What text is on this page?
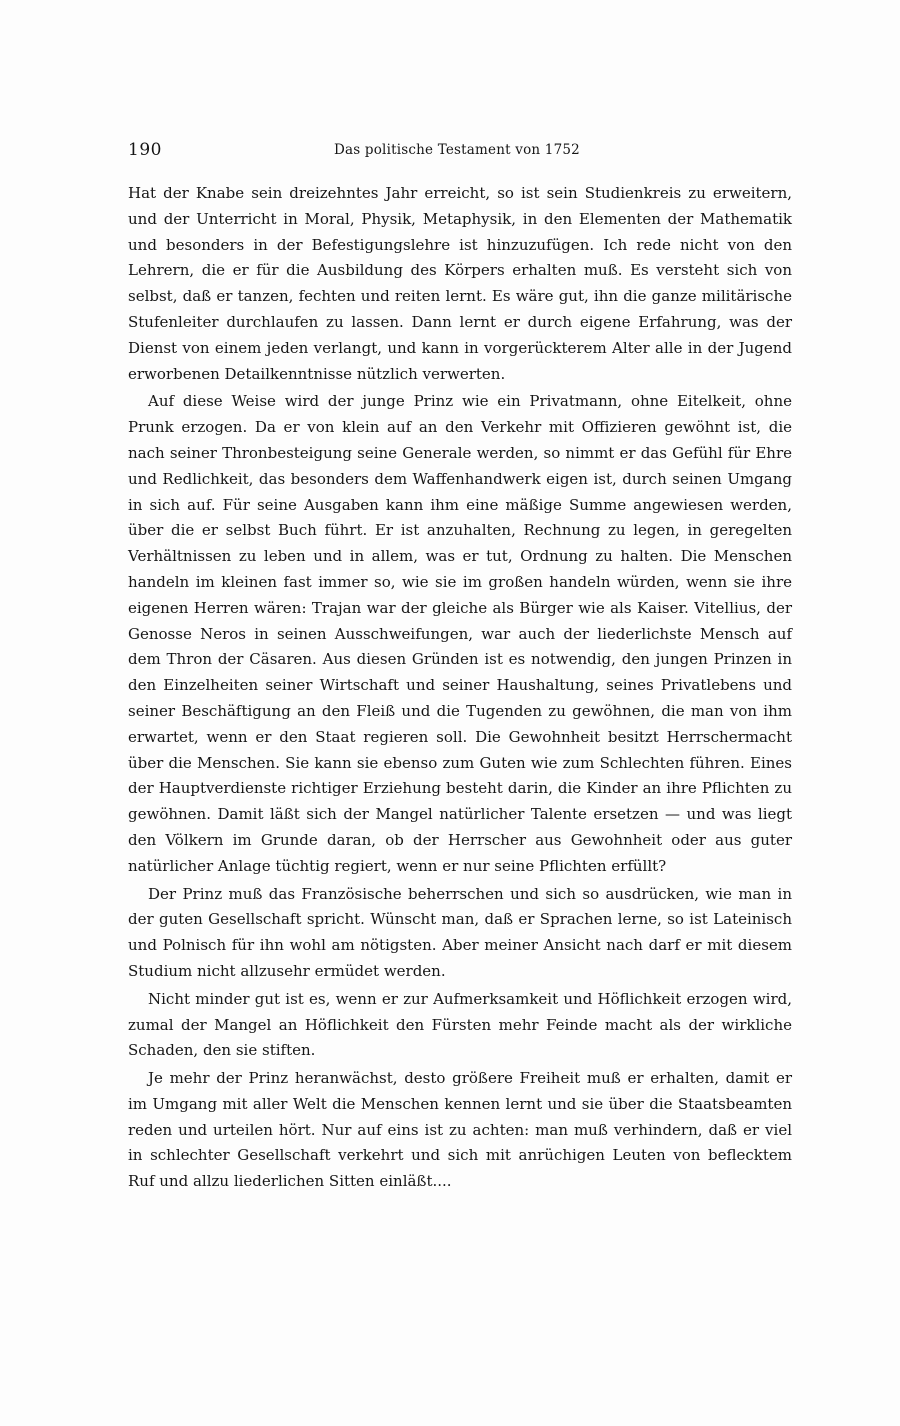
190	Das politische Testament von 1752

Hat der Knabe sein dreizehntes Jahr erreicht, so ist sein Studienkreis zu erweitern, und der Unterricht in Moral, Physik, Metaphysik, in den Elementen der Mathematik und besonders in der Befestigungslehre ist hinzuzufügen. Ich rede nicht von den Lehrern, die er für die Ausbildung des Körpers erhalten muß. Es versteht sich von selbst, daß er tanzen, fechten und reiten lernt. Es wäre gut, ihn die ganze militärische Stufenleiter durchlaufen zu lassen. Dann lernt er durch eigene Erfahrung, was der Dienst von einem jeden verlangt, und kann in vorgerückterem Alter alle in der Jugend erworbenen Detailkenntnisse nützlich verwerten.

Auf diese Weise wird der junge Prinz wie ein Privatmann, ohne Eitelkeit, ohne Prunk erzogen. Da er von klein auf an den Verkehr mit Offizieren gewöhnt ist, die nach seiner Thronbesteigung seine Generale werden, so nimmt er das Gefühl für Ehre und Redlichkeit, das besonders dem Waffenhandwerk eigen ist, durch seinen Umgang in sich auf. Für seine Ausgaben kann ihm eine mäßige Summe angewiesen werden, über die er selbst Buch führt. Er ist anzuhalten, Rechnung zu legen, in geregelten Verhältnissen zu leben und in allem, was er tut, Ordnung zu halten. Die Menschen handeln im kleinen fast immer so, wie sie im großen handeln würden, wenn sie ihre eigenen Herren wären: Trajan war der gleiche als Bürger wie als Kaiser. Vitellius, der Genosse Neros in seinen Ausschweifungen, war auch der liederlichste Mensch auf dem Thron der Cäsaren. Aus diesen Gründen ist es notwendig, den jungen Prinzen in den Einzelheiten seiner Wirtschaft und seiner Haushaltung, seines Privatlebens und seiner Beschäftigung an den Fleiß und die Tugenden zu gewöhnen, die man von ihm erwartet, wenn er den Staat regieren soll. Die Gewohnheit besitzt Herrschermacht über die Menschen. Sie kann sie ebenso zum Guten wie zum Schlechten führen. Eines der Hauptverdienste richtiger Erziehung besteht darin, die Kinder an ihre Pflichten zu gewöhnen. Damit läßt sich der Mangel natürlicher Talente ersetzen — und was liegt den Völkern im Grunde daran, ob der Herrscher aus Gewohnheit oder aus guter natürlicher Anlage tüchtig regiert, wenn er nur seine Pflichten erfüllt?

Der Prinz muß das Französische beherrschen und sich so ausdrücken, wie man in der guten Gesellschaft spricht. Wünscht man, daß er Sprachen lerne, so ist Lateinisch und Polnisch für ihn wohl am nötigsten. Aber meiner Ansicht nach darf er mit diesem Studium nicht allzusehr ermüdet werden.

Nicht minder gut ist es, wenn er zur Aufmerksamkeit und Höflichkeit erzogen wird, zumal der Mangel an Höflichkeit den Fürsten mehr Feinde macht als der wirkliche Schaden, den sie stiften.

Je mehr der Prinz heranwächst, desto größere Freiheit muß er erhalten, damit er im Umgang mit aller Welt die Menschen kennen lernt und sie über die Staatsbeamten reden und urteilen hört. Nur auf eins ist zu achten: man muß verhindern, daß er viel in schlechter Gesellschaft verkehrt und sich mit anrüchigen Leuten von beflecktem Ruf und allzu liederlichen Sitten einläßt....
